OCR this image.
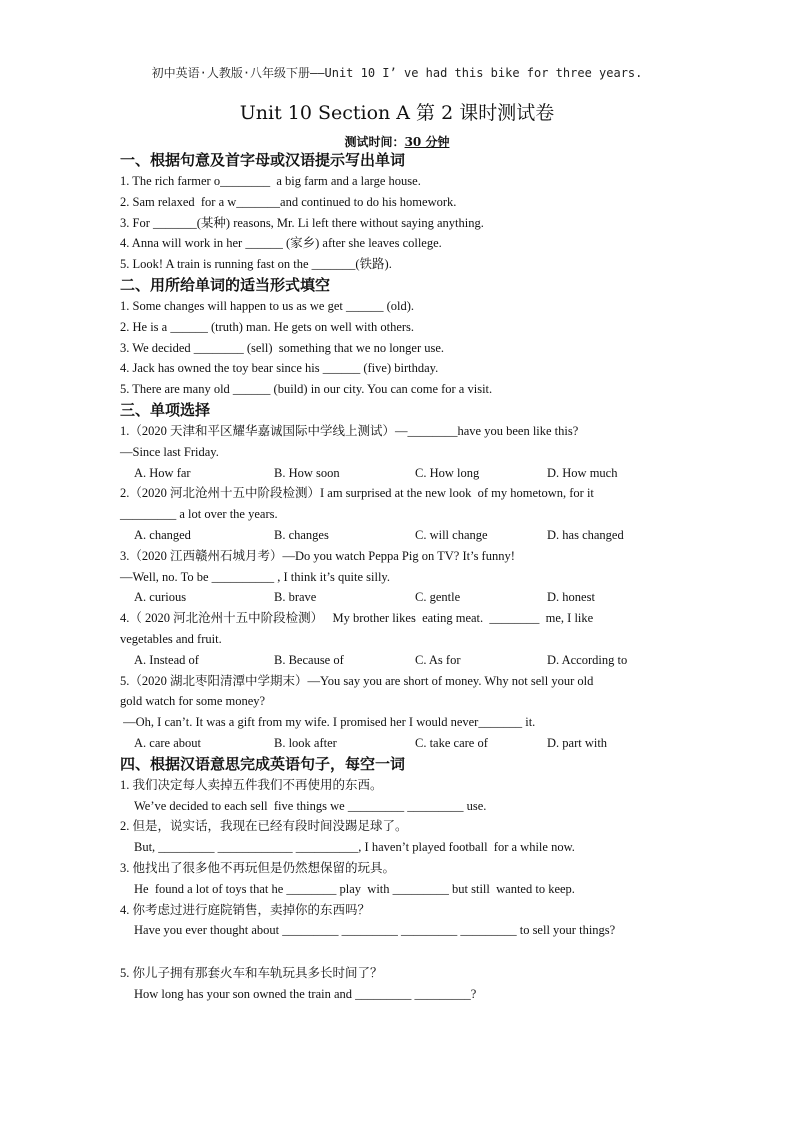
初中英语·人教版·八年级下册——Unit 10 I’ ve had this bike for three years.
Unit 10 Section A 第 2 课时测试卷
测试时间：30 分钟

一、根据句意及首字母或汉语提示写出单词

1. The rich farmer o________  a big farm and a large house.

2. Sam relaxed  for a w_______and continued to do his homework.

3. For _______(某种) reasons, Mr. Li left there without saying anything.

4. Anna will work in her ______ (家乡) after she leaves college.

5. Look! A train is running fast on the _______(铁路).

二、用所给单词的适当形式填空

1. Some changes will happen to us as we get ______ (old).

2. He is a ______ (truth) man. He gets on well with others.

3. We decided ________ (sell)  something that we no longer use.

4. Jack has owned the toy bear since his ______ (five) birthday.

5. There are many old ______ (build) in our city. You can come for a visit.

三、单项选择

1.（2020 天津和平区耀华嘉诚国际中学线上测试）—________have you been like this?

—Since last Friday.

A. How far	B. How soon	C. How long	D. How much

2.（2020 河北沧州十五中阶段检测）I am surprised at the new look  of my hometown, for it

_________ a lot over the years.

A. changed	B. changes	C. will change	D. has changed

3.（2020 江西赣州石城月考）—Do you watch Peppa Pig on TV? It’s funny!

—Well, no. To be __________ , I think it’s quite silly.

A. curious	B. brave	C. gentle	D. honest

4.（ 2020 河北沧州十五中阶段检测）   My brother likes  eating meat.  ________  me, I like

vegetables and fruit.

A. Instead of	B. Because of	C. As for	D. According to

5.（2020 湖北枣阳清潭中学期末）—You say you are short of money. Why not sell your old

gold watch for some money?

—Oh, I can’t. It was a gift from my wife. I promised her I would never_______ it.

A. care about	B. look after	C. take care of	D. part with

四、根据汉语意思完成英语句子，每空一词

1. 我们决定每人卖掉五件我们不再使用的东西。

We’ve decided to each sell  five things we _________ _________ use.

2. 但是，说实话，我现在已经有段时间没踢足球了。

But, _________ ____________ __________, I haven’t played football  for a while now.

3. 他找出了很多他不再玩但是仍然想保留的玩具。

He  found a lot of toys that he ________ play  with _________ but still  wanted to keep.

4. 你考虑过进行庭院销售，卖掉你的东西吗？

Have you ever thought about _________ _________ _________ _________ to sell your things?

5. 你儿子拥有那套火车和车轨玩具多长时间了？

How long has your son owned the train and _________ _________?
